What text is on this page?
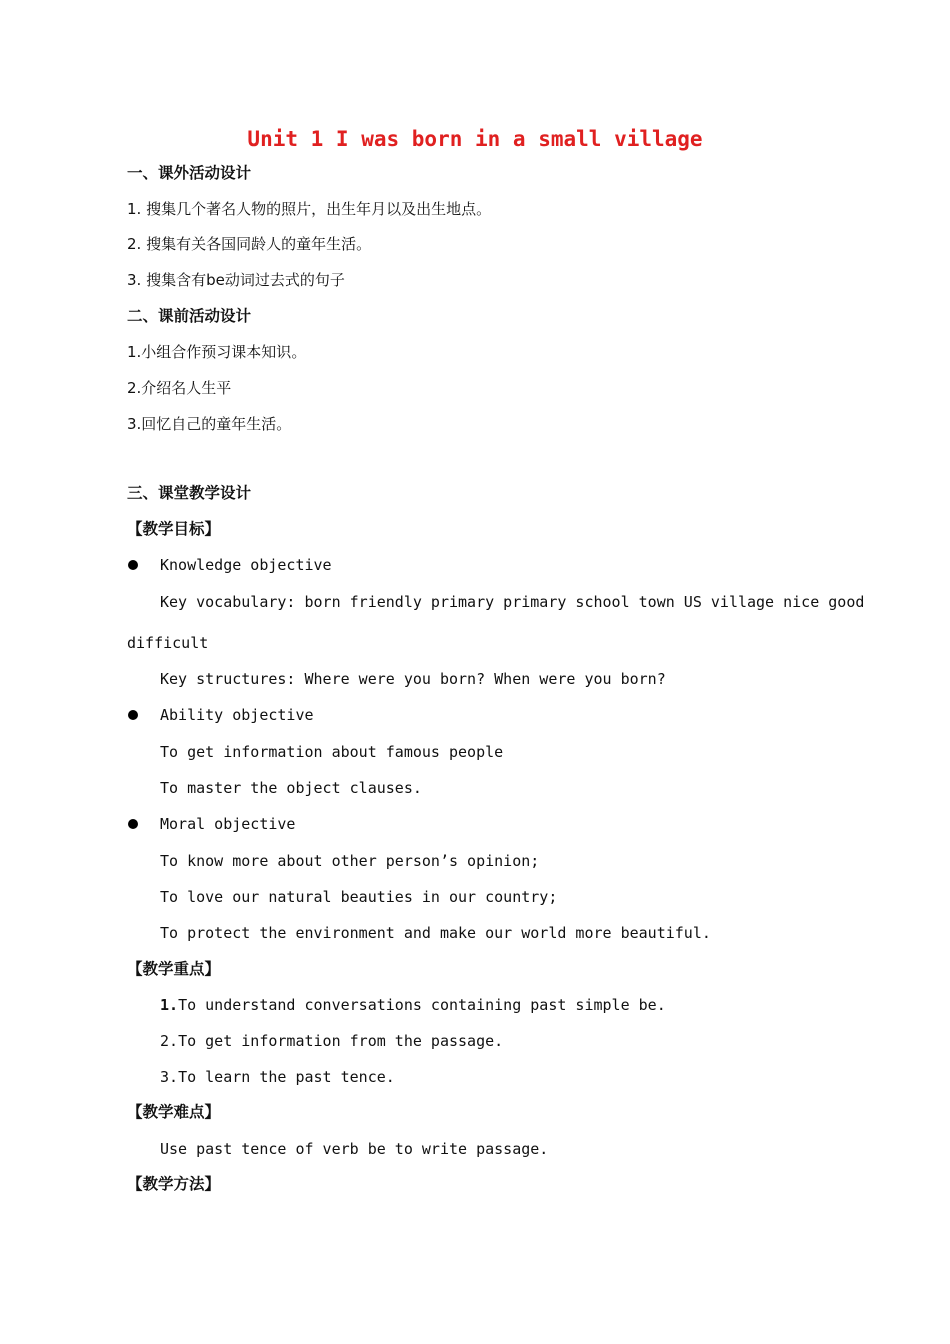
Unit 1 I was born in a small village
一、课外活动设计
1. 搜集几个著名人物的照片，出生年月以及出生地点。
2. 搜集有关各国同龄人的童年生活。
3. 搜集含有be动词过去式的句子
二、课前活动设计
1.小组合作预习课本知识。
2.介绍名人生平
3.回忆自己的童年生活。
三、课堂教学设计
【教学目标】
Knowledge objective
Key vocabulary: born friendly primary primary school town US village nice good
difficult
Key structures: Where were you born? When were you born?
Ability objective
To get information about famous people
To master the object clauses.
Moral objective
To know more about other person’s opinion;
To love our natural beauties in our country;
To protect the environment and make our world more beautiful.
【教学重点】
1.To understand conversations containing past simple be.
2.To get information from the passage.
3.To learn the past tence.
【教学难点】
Use past tence of verb be to write passage.
【教学方法】
